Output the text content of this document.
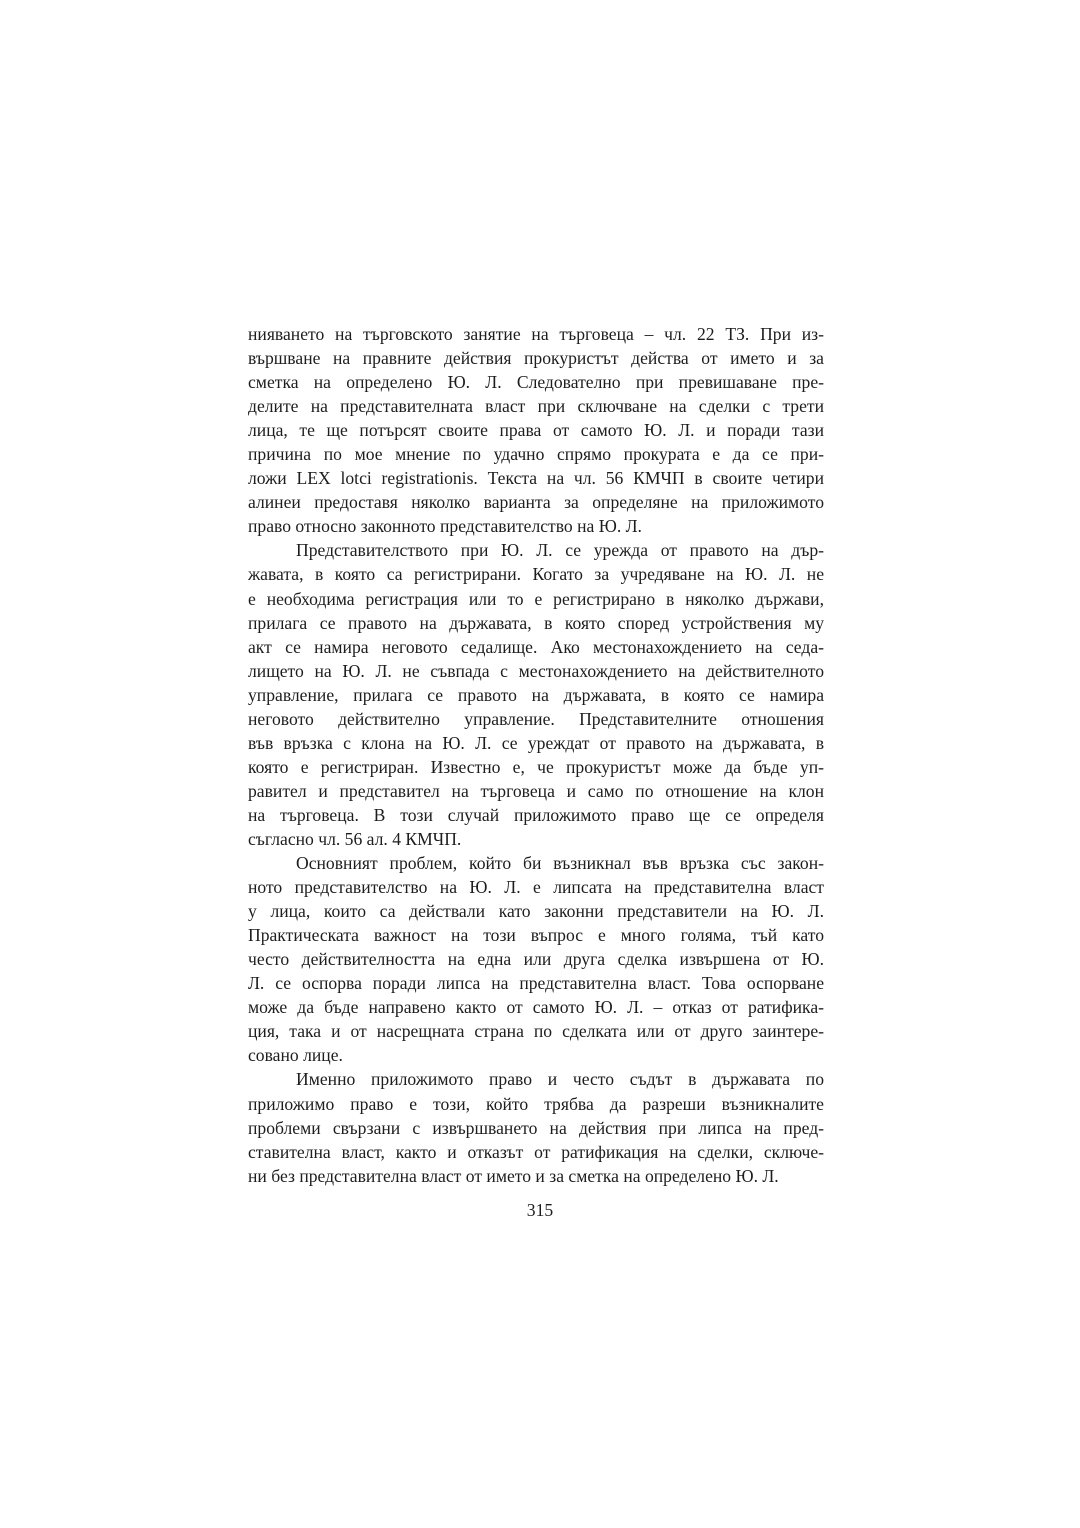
нияването на търговското занятие на търговеца – чл. 22 ТЗ. При из-
вършване на правните действия прокуристът действа от името и за
сметка на определено Ю. Л. Следователно при превишаване пре-
делите на представителната власт при сключване на сделки с трети
лица, те ще потърсят своите права от самото Ю. Л. и поради тази
причина по мое мнение по удачно спрямо прокурата е да се при-
ложи LEX lotci registrationis. Текста на чл. 56 КМЧП в своите четири
алинеи предоставя няколко варианта за определяне на приложимото
право относно законното представителство на Ю. Л.
Представителството при Ю. Л. се урежда от правото на дър-
жавата, в която са регистрирани. Когато за учредяване на Ю. Л. не
е необходима регистрация или то е регистрирано в няколко държави,
прилага се правото на държавата, в която според устройствения му
акт се намира неговото седалище. Ако местонахождението на седа-
лището на Ю. Л. не съвпада с местонахождението на действителното
управление, прилага се правото на държавата, в която се намира
неговото действително управление. Представителните отношения
във връзка с клона на Ю. Л. се уреждат от правото на държавата, в
която е регистриран. Известно е, че прокуристът може да бъде уп-
равител и представител на търговеца и само по отношение на клон
на търговеца. В този случай приложимото право ще се определя
съгласно чл. 56 ал. 4 КМЧП.
Основният проблем, който би възникнал във връзка със закон-
ното представителство на Ю. Л. е липсата на представителна власт
у лица, които са действали като законни представители на Ю. Л.
Практическата важност на този въпрос е много голяма, тъй като
често действителността на една или друга сделка извършена от Ю.
Л. се оспорва поради липса на представителна власт. Това оспорване
може да бъде направено както от самото Ю. Л. – отказ от ратифика-
ция, така и от насрещната страна по сделката или от друго заинтере-
совано лице.
Именно приложимото право и често съдът в държавата по
приложимо право е този, който трябва да разреши възникналите
проблеми свързани с извършването на действия при липса на пред-
ставителна власт, както и отказът от ратификация на сделки, сключе-
ни без представителна власт от името и за сметка на определено Ю. Л.
315
